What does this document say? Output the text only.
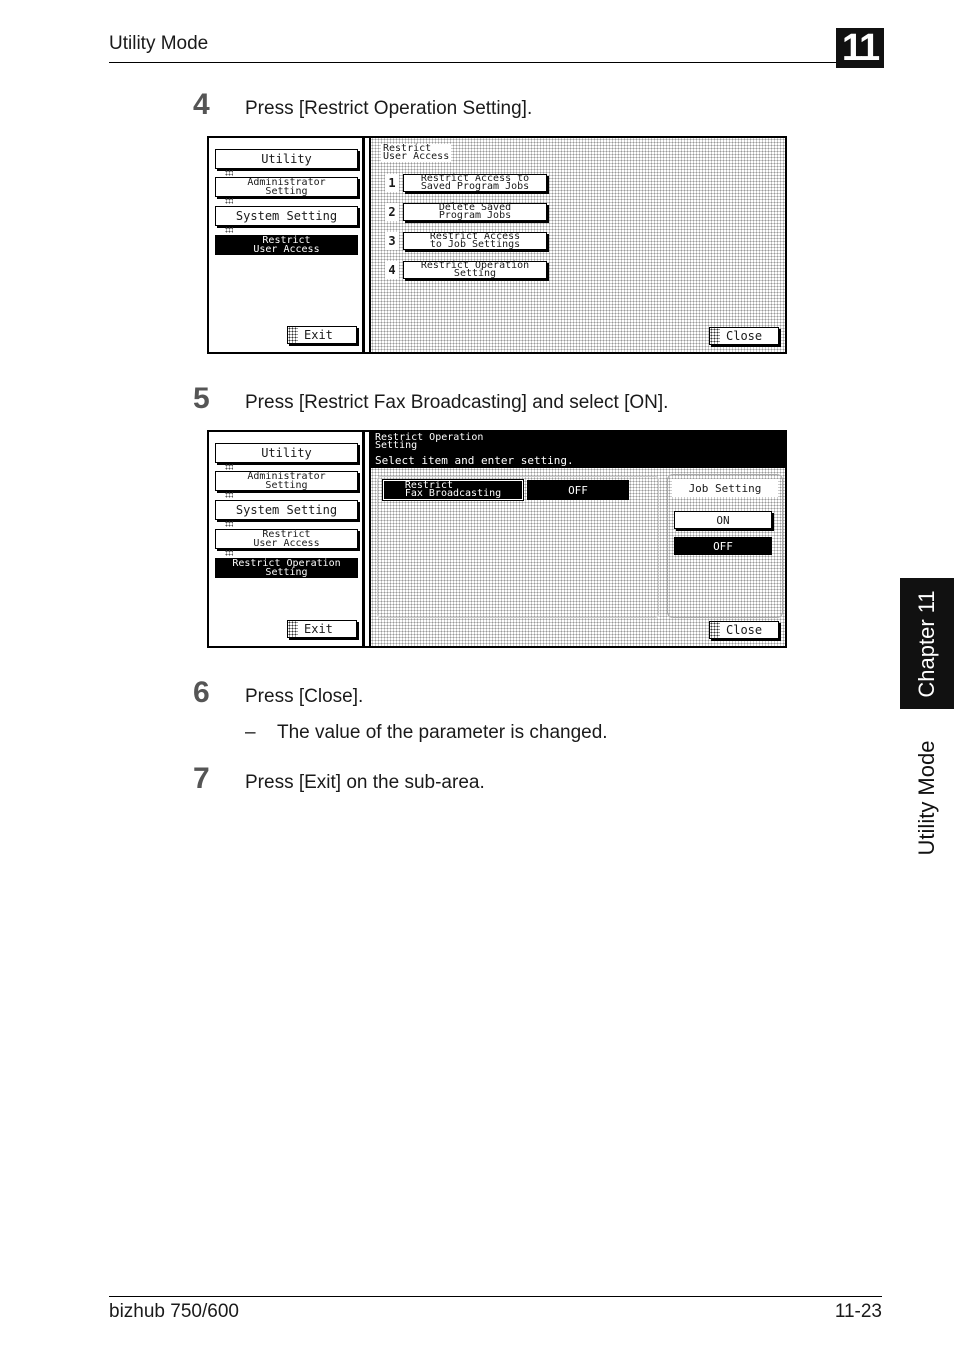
Utility Mode	11
4 Press [Restrict Operation Setting].
Utility
Administrator
Setting
System Setting
Restrict
User Access
Exit
Restrict
User Access
1	Restrict Access to
Saved Program Jobs
2	Delete Saved
Program Jobs
3	Restrict Access
to Job Settings
4	Restrict Operation
Setting
Close
5 Press [Restrict Fax Broadcasting] and select [ON].
Utility
Administrator
Setting
System Setting
Restrict
User Access
Restrict Operation
Setting
Exit
Restrict Operation
Setting
Select item and enter setting.
Restrict
Fax Broadcasting	OFF	Job Setting
ON
OFF
Close
6 Press [Close].
– The value of the parameter is changed.
7 Press [Exit] on the sub-area.
Chapter 11
Utility Mode
bizhub 750/600	11-23
